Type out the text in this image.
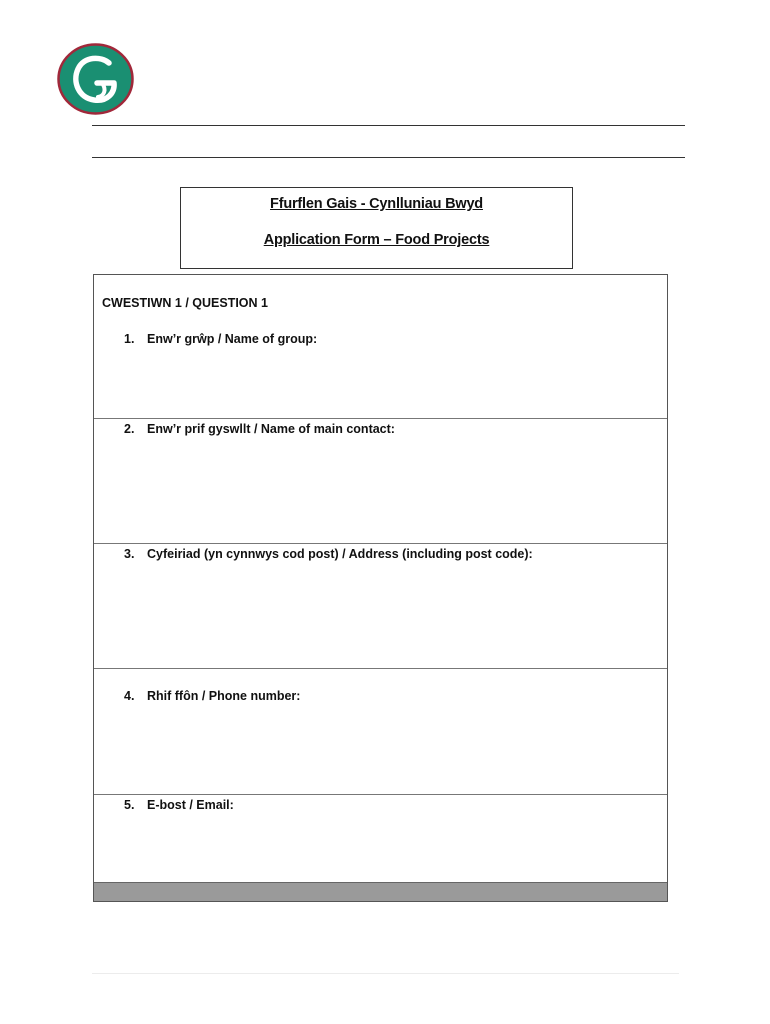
Ffurflen Gais - Cynlluniau Bwyd
Application Form – Food Projects
CWESTIWN 1 / QUESTION 1
1. Enw’r grŵp / Name of group:
2. Enw’r prif gyswllt / Name of main contact:
3. Cyfeiriad (yn cynnwys cod post) / Address (including post code):
4. Rhif ffôn / Phone number:
5. E-bost / Email:
